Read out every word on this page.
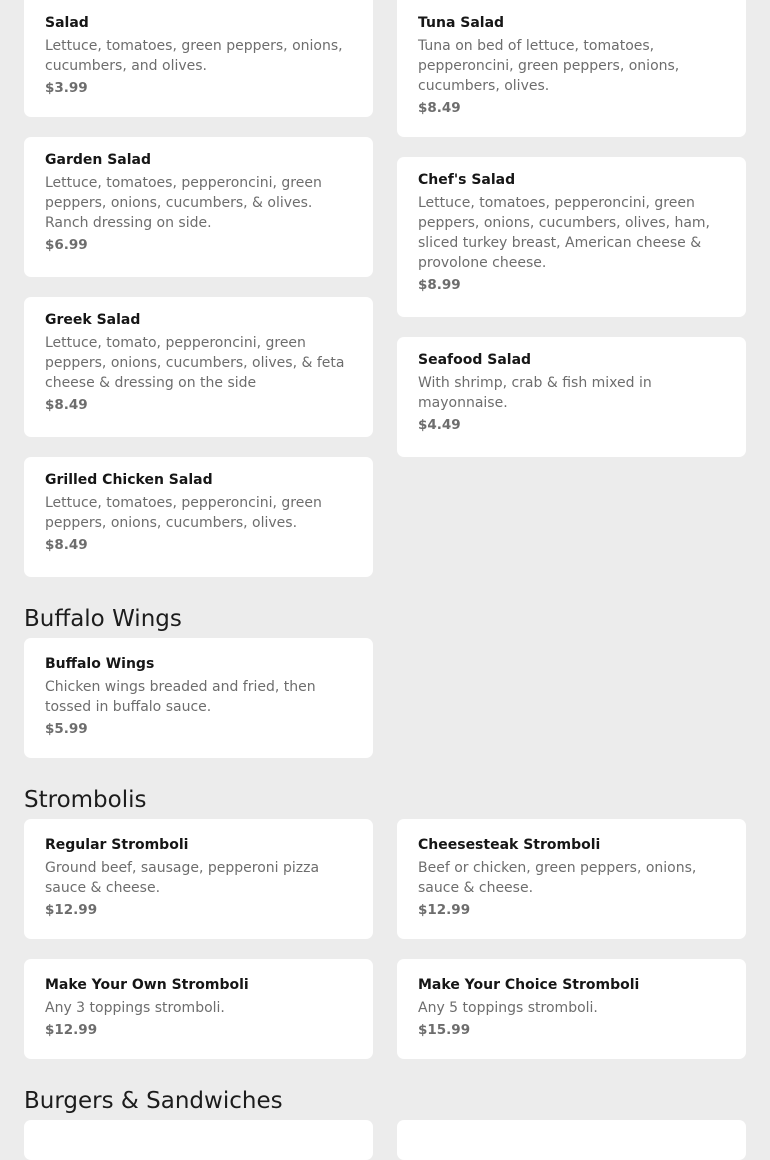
Salad

Lettuce, tomatoes, green peppers, onions, cucumbers, and olives.

$3.99
Tuna Salad

Tuna on bed of lettuce, tomatoes, pepperoncini, green peppers, onions, cucumbers, olives.

$8.49
Garden Salad

Lettuce, tomatoes, pepperoncini, green peppers, onions, cucumbers, & olives. Ranch dressing on side.

$6.99
Chef's Salad

Lettuce, tomatoes, pepperoncini, green peppers, onions, cucumbers, olives, ham, sliced turkey breast, American cheese & provolone cheese.

$8.99
Greek Salad

Lettuce, tomato, pepperoncini, green peppers, onions, cucumbers, olives, & feta cheese & dressing on the side

$8.49
Seafood Salad

With shrimp, crab & fish mixed in mayonnaise.

$4.49
Grilled Chicken Salad

Lettuce, tomatoes, pepperoncini, green peppers, onions, cucumbers, olives.

$8.49
Buffalo Wings
Buffalo Wings

Chicken wings breaded and fried, then tossed in buffalo sauce.

$5.99
Strombolis
Regular Stromboli

Ground beef, sausage, pepperoni pizza sauce & cheese.

$12.99
Cheesesteak Stromboli

Beef or chicken, green peppers, onions, sauce & cheese.

$12.99
Make Your Own Stromboli

Any 3 toppings stromboli.

$12.99
Make Your Choice Stromboli

Any 5 toppings stromboli.

$15.99
Burgers & Sandwiches
